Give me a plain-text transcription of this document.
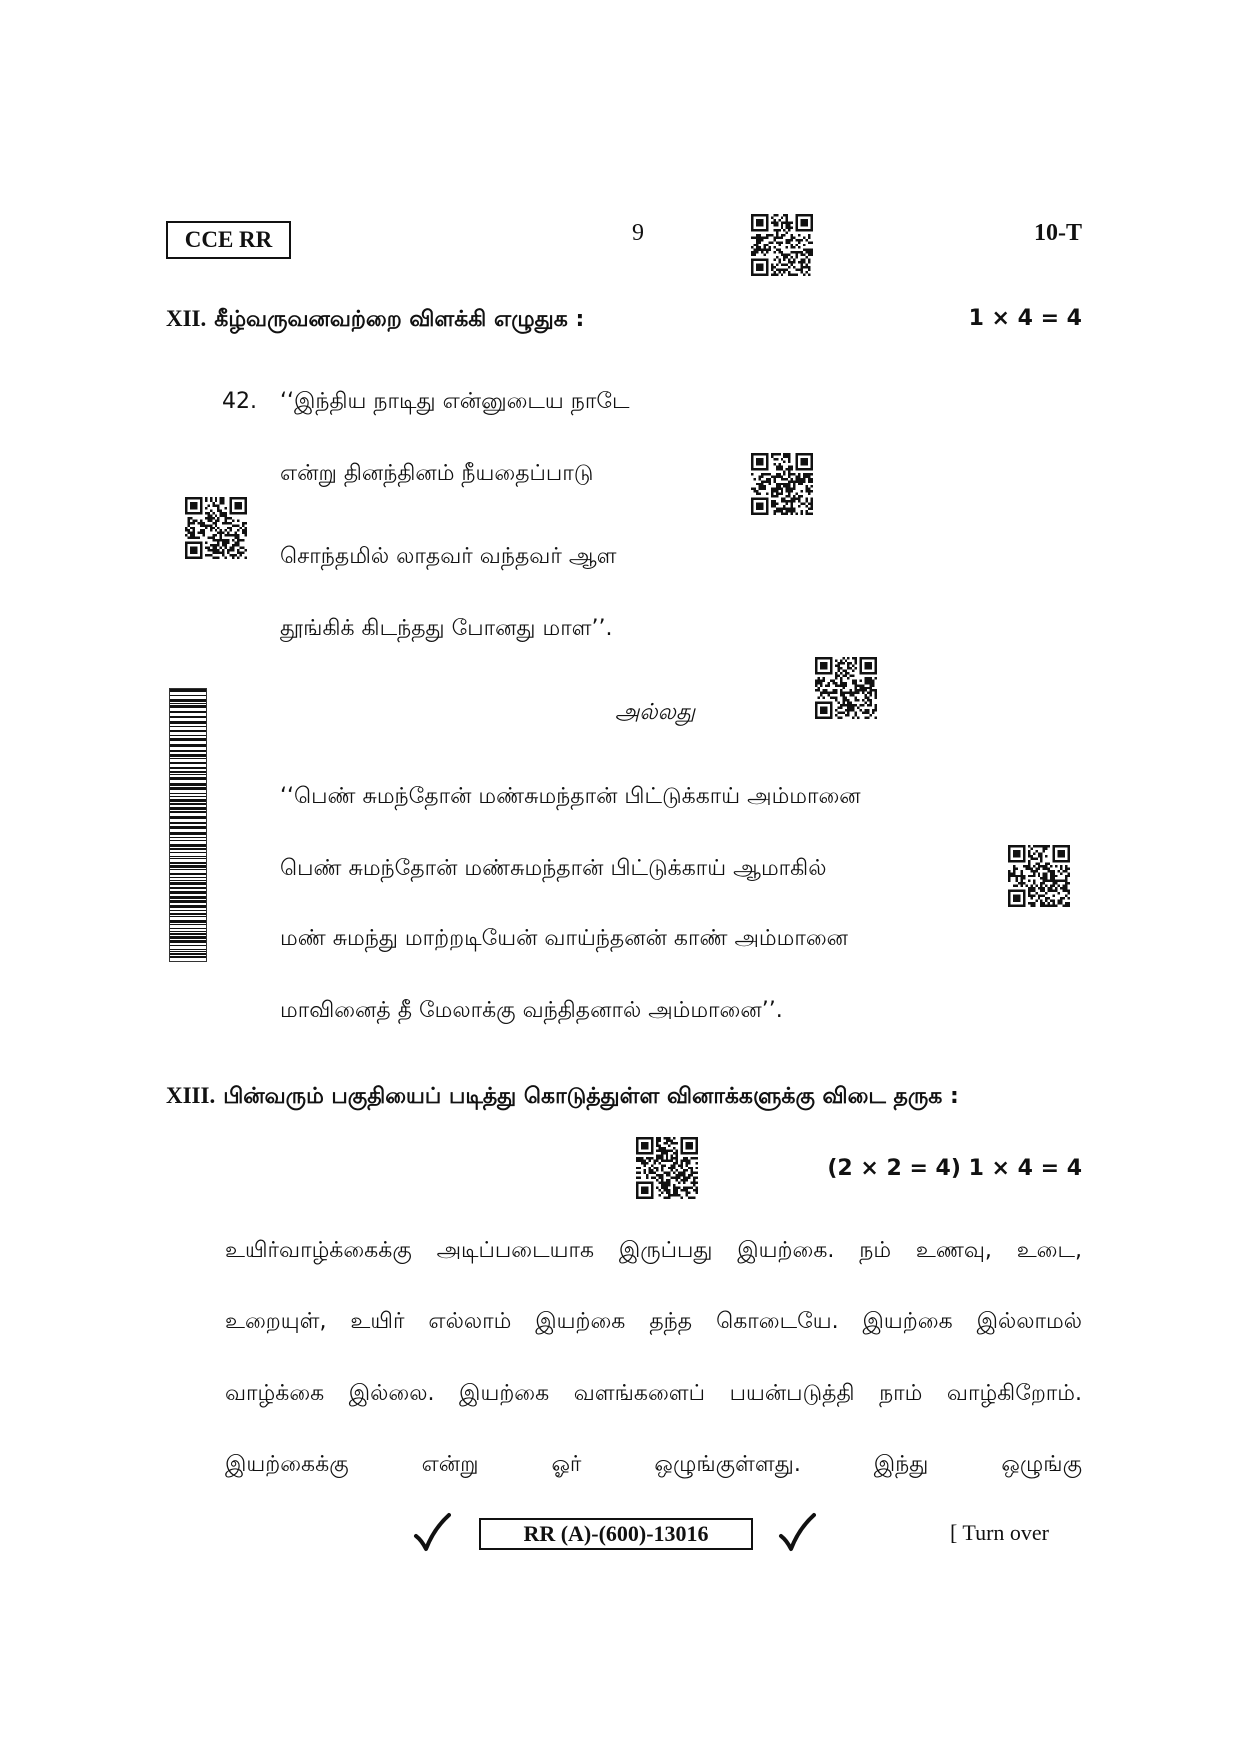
CCE RR	9	10-T
XII. கீழ்வருவனவற்றை விளக்கி எழுதுக :	1 × 4 = 4
42. ‘‘இந்திய நாடிது என்னுடைய நாடே
என்று தினந்தினம் நீயதைப்பாடு
சொந்தமில் லாதவர் வந்தவர் ஆள
தூங்கிக் கிடந்தது போனது மாள’’.
அல்லது
‘‘பெண் சுமந்தோன் மண்சுமந்தான் பிட்டுக்காய் அம்மானை
பெண் சுமந்தோன் மண்சுமந்தான் பிட்டுக்காய் ஆமாகில்
மண் சுமந்து மாற்றடியேன் வாய்ந்தனன் காண் அம்மானை
மாவினைத் தீ மேலாக்கு வந்திதனால் அம்மானை’’.
XIII. பின்வரும் பகுதியைப் படித்து கொடுத்துள்ள வினாக்களுக்கு விடை தருக :
(2 × 2 = 4) 1 × 4 = 4
உயிர்வாழ்க்கைக்கு அடிப்படையாக இருப்பது இயற்கை. நம் உணவு, உடை,
உறையுள், உயிர் எல்லாம் இயற்கை தந்த கொடையே. இயற்கை இல்லாமல்
வாழ்க்கை இல்லை. இயற்கை வளங்களைப் பயன்படுத்தி நாம் வாழ்கிறோம்.
இயற்கைக்கு என்று ஓர் ஒழுங்குள்ளது. இந்து ஒழுங்கு
RR (A)-(600)-13016	[ Turn over
